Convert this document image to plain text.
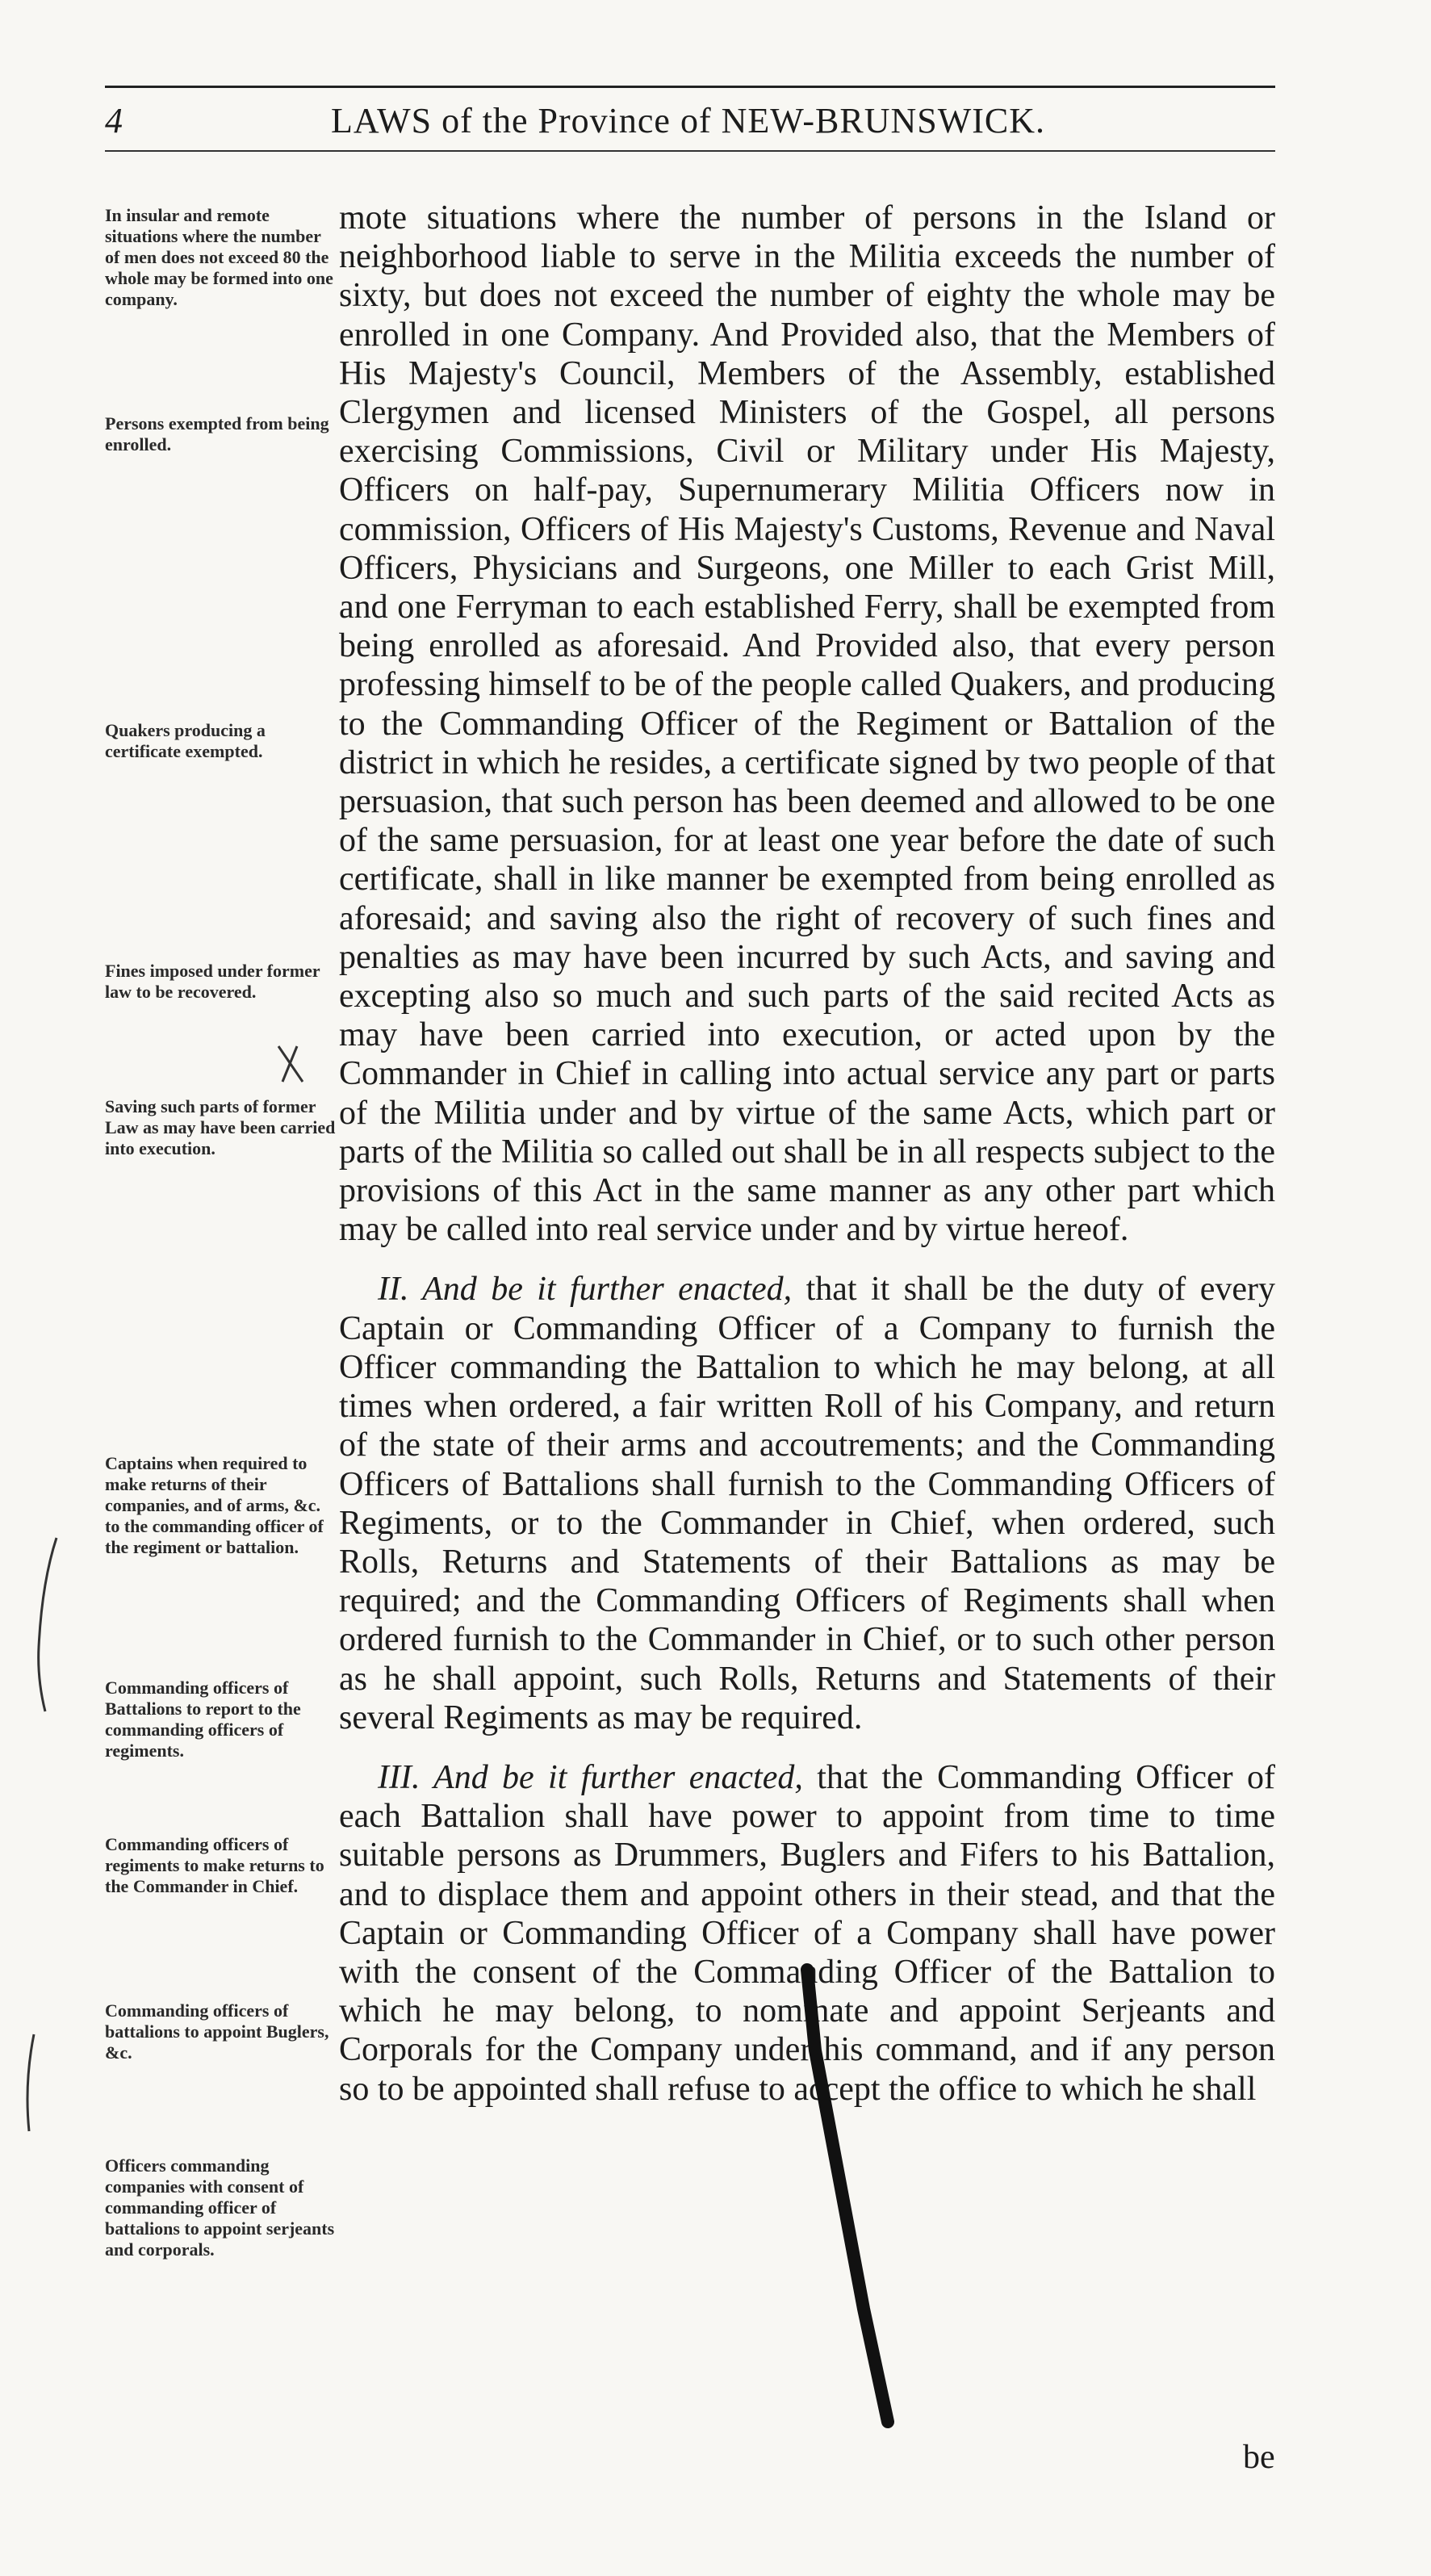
4	LAWS of the Province of NEW-BRUNSWICK.
In insular and remote situations where the number of men does not exceed 80 the whole may be formed into one company.
Persons exempted from being enrolled.
Quakers producing a certificate exempted.
Fines imposed under former law to be recovered.
Saving such parts of former Law as may have been carried into execution.
Captains when required to make returns of their companies, and of arms, &c. to the commanding officer of the regiment or battalion.
Commanding officers of Battalions to report to the commanding officers of regiments.
Commanding officers of regiments to make returns to the Commander in Chief.
Commanding officers of battalions to appoint Buglers, &c.
Officers commanding companies with consent of commanding officer of battalions to appoint serjeants and corporals.

mote situations where the number of persons in the Island or neighborhood liable to serve in the Militia exceeds the number of sixty, but does not exceed the number of eighty the whole may be enrolled in one Company. And Provided also, that the Members of His Majesty's Council, Members of the Assembly, established Clergymen and licensed Ministers of the Gospel, all persons exercising Commissions, Civil or Military under His Majesty, Officers on half-pay, Supernumerary Militia Officers now in commission, Officers of His Majesty's Customs, Revenue and Naval Officers, Physicians and Surgeons, one Miller to each Grist Mill, and one Ferryman to each established Ferry, shall be exempted from being enrolled as aforesaid. And Provided also, that every person professing himself to be of the people called Quakers, and producing to the Commanding Officer of the Regiment or Battalion of the district in which he resides, a certificate signed by two people of that persuasion, that such person has been deemed and allowed to be one of the same persuasion, for at least one year before the date of such certificate, shall in like manner be exempted from being enrolled as aforesaid; and saving also the right of recovery of such fines and penalties as may have been incurred by such Acts, and saving and excepting also so much and such parts of the said recited Acts as may have been carried into execution, or acted upon by the Commander in Chief in calling into actual service any part or parts of the Militia under and by virtue of the same Acts, which part or parts of the Militia so called out shall be in all respects subject to the provisions of this Act in the same manner as any other part which may be called into real service under and by virtue hereof.

II. And be it further enacted, that it shall be the duty of every Captain or Commanding Officer of a Company to furnish the Officer commanding the Battalion to which he may belong, at all times when ordered, a fair written Roll of his Company, and return of the state of their arms and accoutrements; and the Commanding Officers of Battalions shall furnish to the Commanding Officers of Regiments, or to the Commander in Chief, when ordered, such Rolls, Returns and Statements of their Battalions as may be required; and the Commanding Officers of Regiments shall when ordered furnish to the Commander in Chief, or to such other person as he shall appoint, such Rolls, Returns and Statements of their several Regiments as may be required.

III. And be it further enacted, that the Commanding Officer of each Battalion shall have power to appoint from time to time suitable persons as Drummers, Buglers and Fifers to his Battalion, and to displace them and appoint others in their stead, and that the Captain or Commanding Officer of a Company shall have power with the consent of the Commanding Officer of the Battalion to which he may belong, to nominate and appoint Serjeants and Corporals for the Company under his command, and if any person so to be appointed shall refuse to accept the office to which he shall

be
